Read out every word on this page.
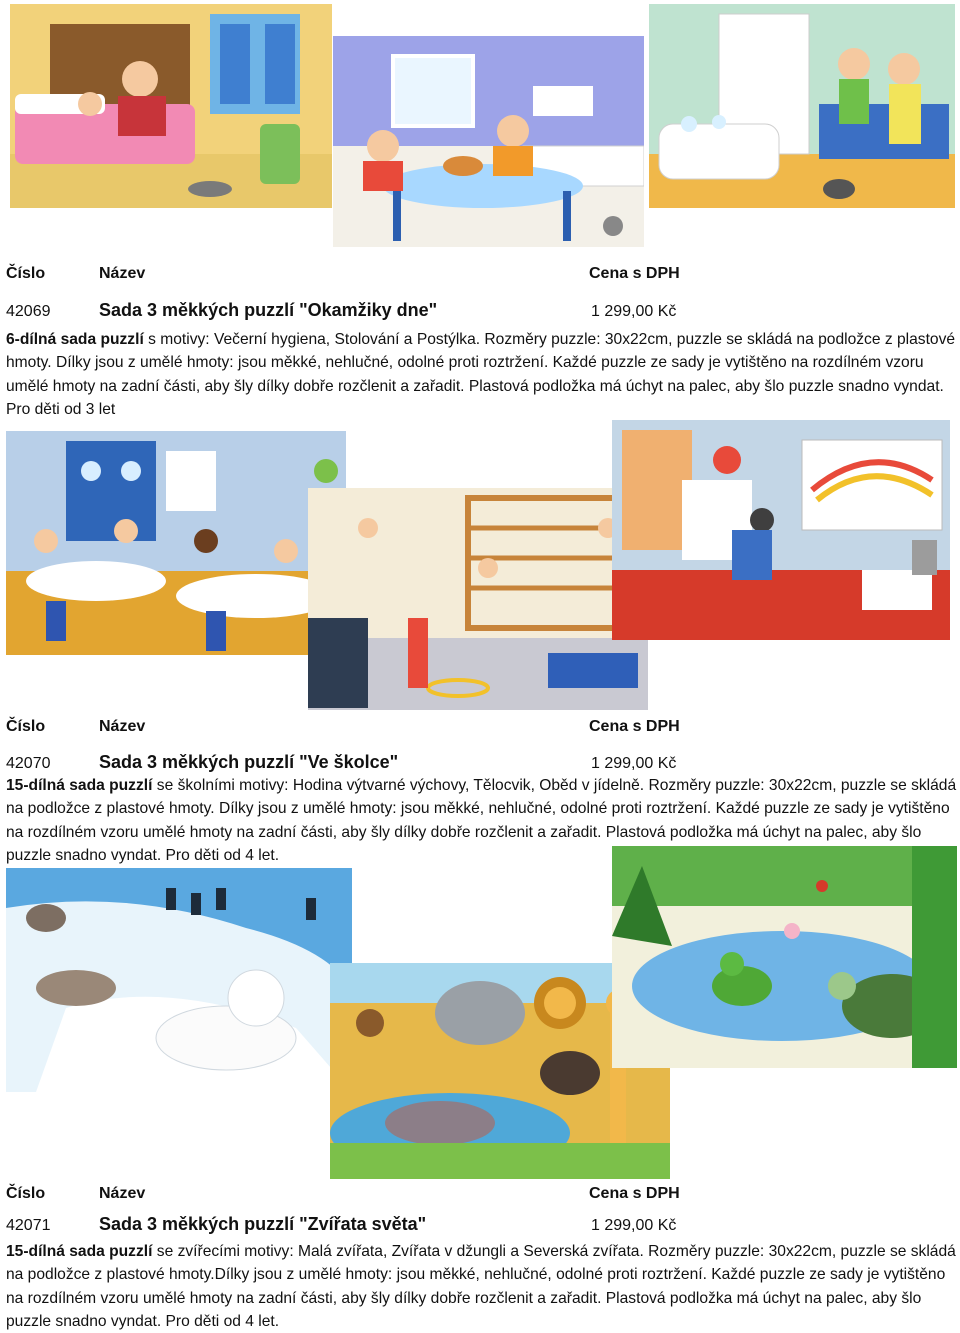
Číslo	Název	Cena s DPH
42069	Sada 3 měkkých puzzlí "Okamžiky dne"	1 299,00 Kč
6-dílná sada puzzlí s motivy: Večerní hygiena, Stolování a Postýlka. Rozměry puzzle: 30x22cm, puzzle se skládá na podložce z plastové hmoty. Dílky jsou z umělé hmoty: jsou měkké, nehlučné, odolné proti roztržení. Každé puzzle ze sady je vytištěno na rozdílném vzoru umělé hmoty na zadní části, aby šly dílky dobře rozčlenit a zařadit. Plastová podložka má úchyt na palec, aby šlo puzzle snadno vyndat. Pro děti od 3 let
Číslo	Název	Cena s DPH
42070	Sada 3 měkkých puzzlí "Ve školce"	1 299,00 Kč
15-dílná sada puzzlí se školními motivy: Hodina výtvarné výchovy, Tělocvik, Oběd v jídelně. Rozměry puzzle: 30x22cm, puzzle se skládá na podložce z plastové hmoty. Dílky jsou z umělé hmoty: jsou měkké, nehlučné, odolné proti roztržení. Každé puzzle ze sady je vytištěno na rozdílném vzoru umělé hmoty na zadní části, aby šly dílky dobře rozčlenit a zařadit. Plastová podložka má úchyt na palec, aby šlo puzzle snadno vyndat. Pro děti od 4 let.
Číslo	Název	Cena s DPH
42071	Sada 3 měkkých puzzlí "Zvířata světa"	1 299,00 Kč
15-dílná sada puzzlí se zvířecími motivy: Malá zvířata, Zvířata v džungli a Severská zvířata. Rozměry puzzle: 30x22cm, puzzle se skládá na podložce z plastové hmoty.Dílky jsou z umělé hmoty: jsou měkké, nehlučné, odolné proti roztržení. Každé puzzle ze sady je vytištěno na rozdílném vzoru umělé hmoty na zadní části, aby šly dílky dobře rozčlenit a zařadit. Plastová podložka má úchyt na palec, aby šlo puzzle snadno vyndat. Pro děti od 4 let.
